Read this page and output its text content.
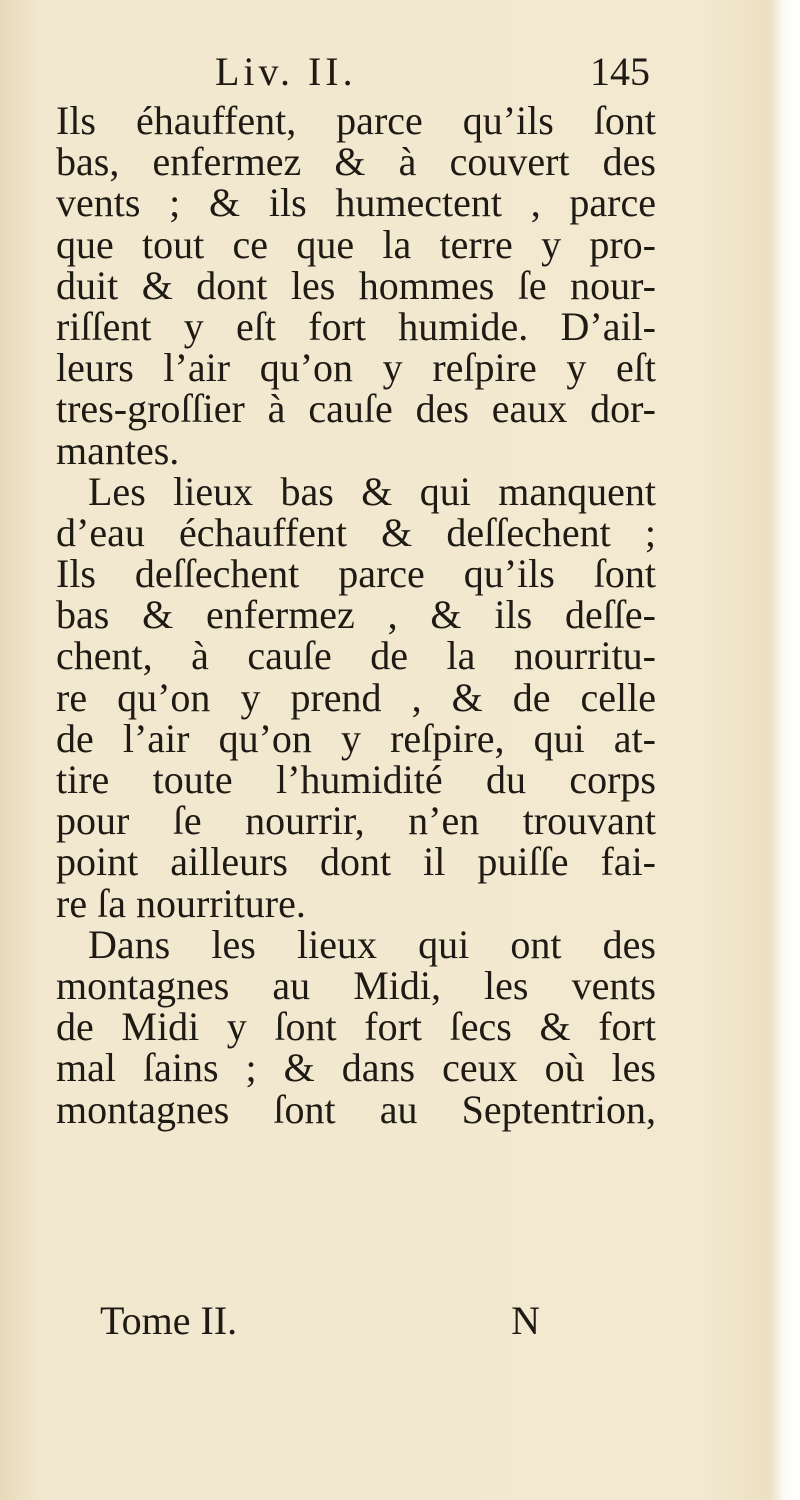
Liv. II.	145
Ils éhauffent, parce qu’ils ſont
bas, enfermez & à couvert des
vents ; & ils humectent , parce
que tout ce que la terre y pro-
duit & dont les hommes ſe nour-
riſſent y eſt fort humide. D’ail-
leurs l’air qu’on y reſpire y eſt
tres-groſſier à cauſe des eaux dor-
mantes.
Les lieux bas & qui manquent
d’eau échauffent & deſſechent ;
Ils deſſechent parce qu’ils ſont
bas & enfermez , & ils deſſe-
chent, à cauſe de la nourritu-
re qu’on y prend , & de celle
de l’air qu’on y reſpire, qui at-
tire toute l’humidité du corps
pour ſe nourrir, n’en trouvant
point ailleurs dont il puiſſe fai-
re ſa nourriture.
Dans les lieux qui ont des
montagnes au Midi, les vents
de Midi y ſont fort ſecs & fort
mal ſains ; & dans ceux où les
montagnes ſont au Septentrion,
Tome II.	N
